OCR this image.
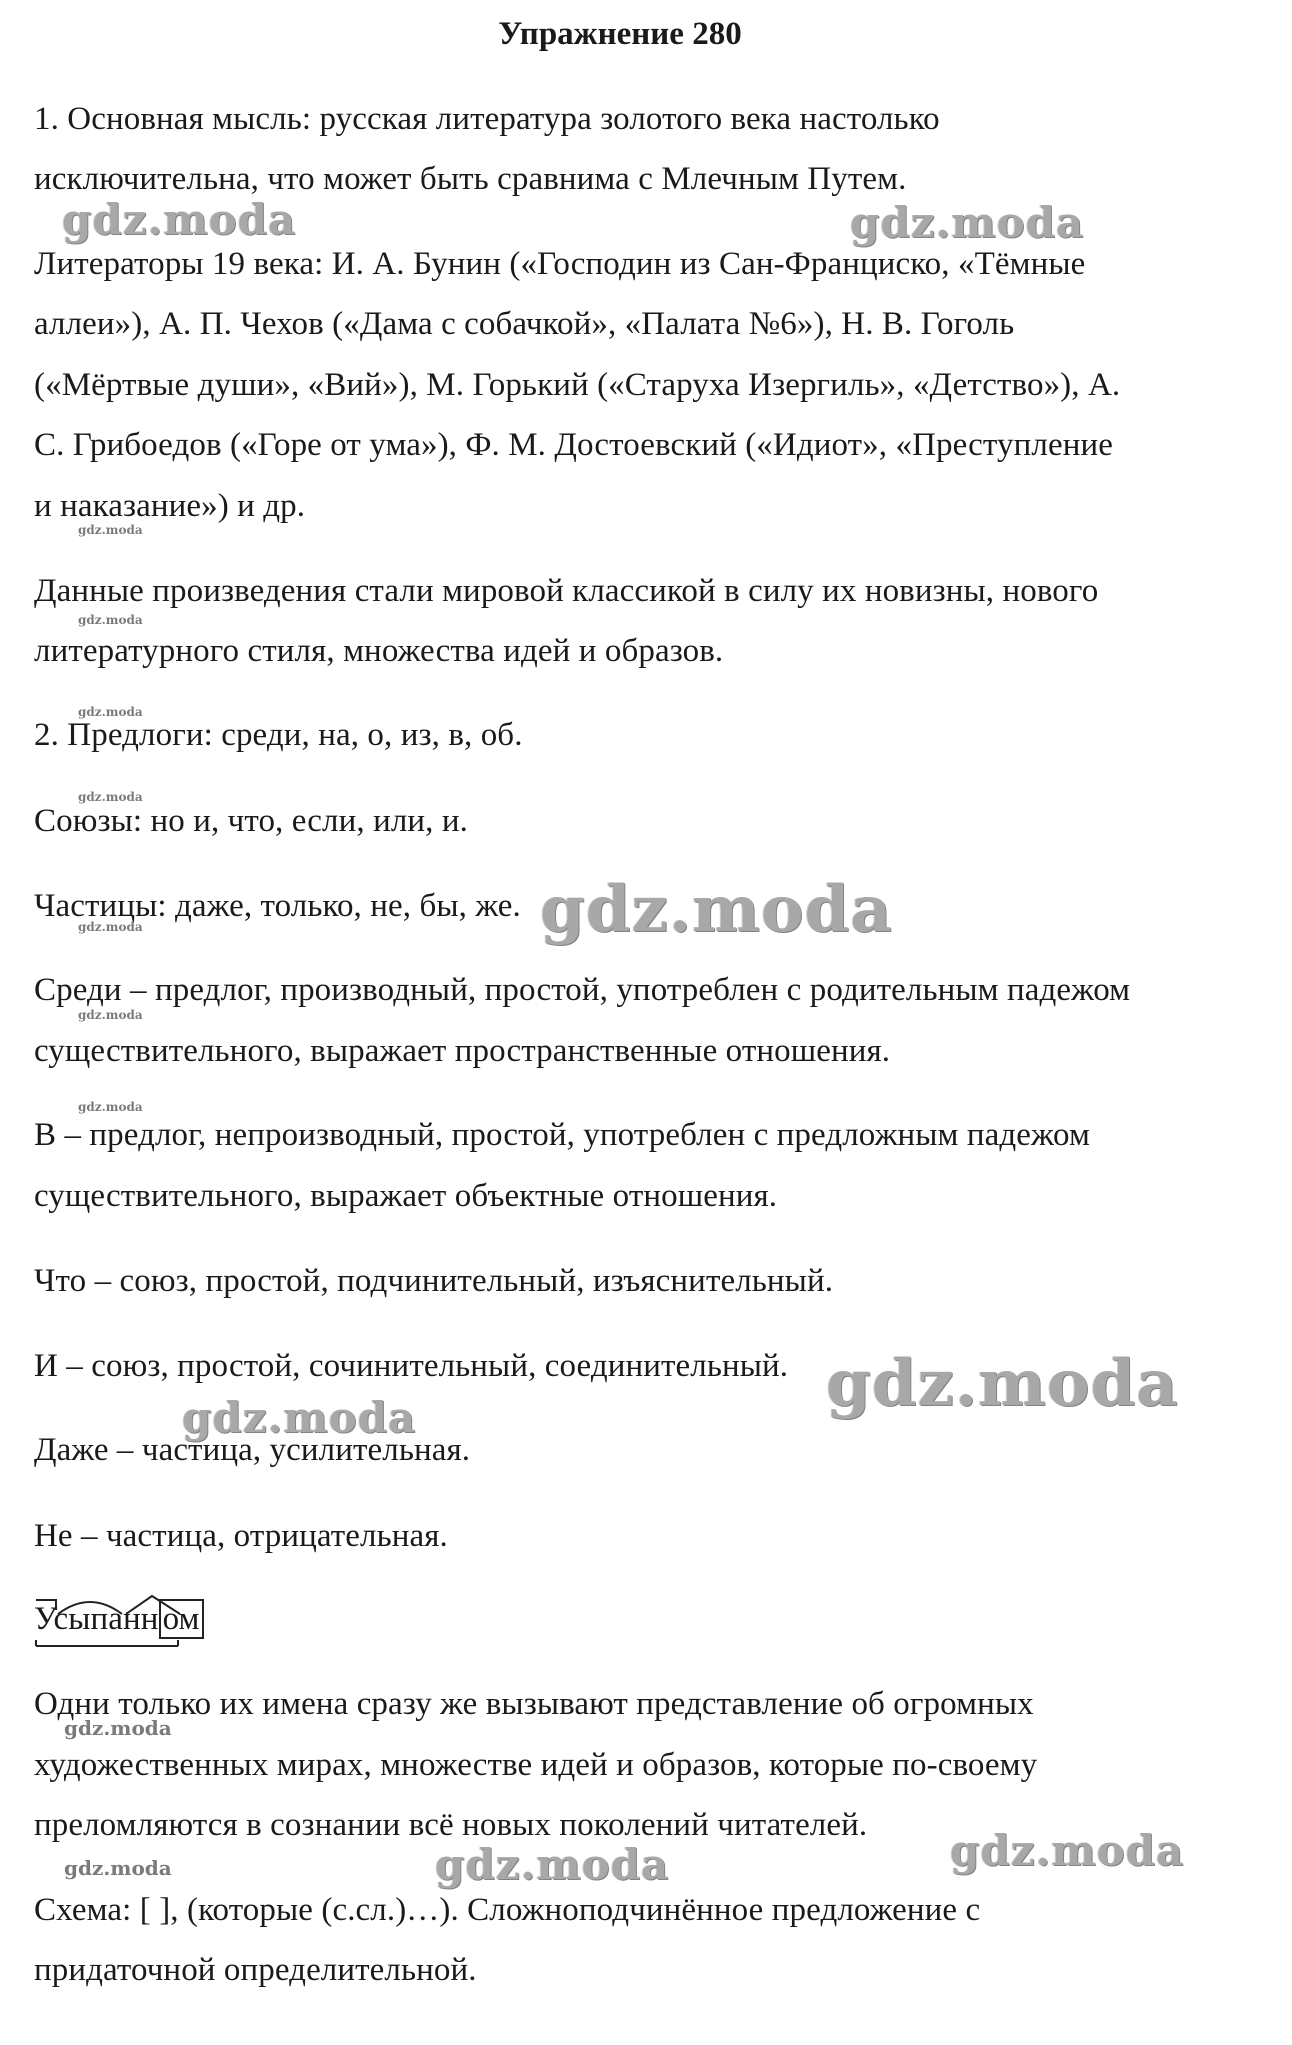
Упражнение 280
1. Основная мысль: русская литература золотого века настолько
исключительна, что может быть сравнима с Млечным Путем.
Литераторы 19 века: И. А. Бунин («Господин из Сан-Франциско, «Тёмные
аллеи»), А. П. Чехов («Дама с собачкой», «Палата №6»), Н. В. Гоголь
(«Мёртвые души», «Вий»), М. Горький («Старуха Изергиль», «Детство»), А.
С. Грибоедов («Горе от ума»), Ф. М. Достоевский («Идиот», «Преступление
и наказание») и др.
Данные произведения стали мировой классикой в силу их новизны, нового
литературного стиля, множества идей и образов.
2. Предлоги: среди, на, о, из, в, об.
Союзы: но и, что, если, или, и.
Частицы: даже, только, не, бы, же.
Среди – предлог, производный, простой, употреблен с родительным падежом
существительного, выражает пространственные отношения.
В – предлог, непроизводный, простой, употреблен с предложным падежом
существительного, выражает объектные отношения.
Что – союз, простой, подчинительный, изъяснительный.
И – союз, простой, сочинительный, соединительный.
Даже – частица, усилительная.
Не – частица, отрицательная.
Усыпанн ом
Одни только их имена сразу же вызывают представление об огромных
художественных мирах, множестве идей и образов, которые по-своему
преломляются в сознании всё новых поколений читателей.
Схема: [ ], (которые (с.сл.)…). Сложноподчинённое предложение с
придаточной определительной.
gdz.moda	gdz.moda
gdz.moda
gdz.moda
gdz.moda
gdz.moda	gdz.moda
gdz.moda
gdz.moda
gdz.moda
gdz.moda
gdz.moda
gdz.moda
gdz.moda
gdz.moda
gdz.moda
